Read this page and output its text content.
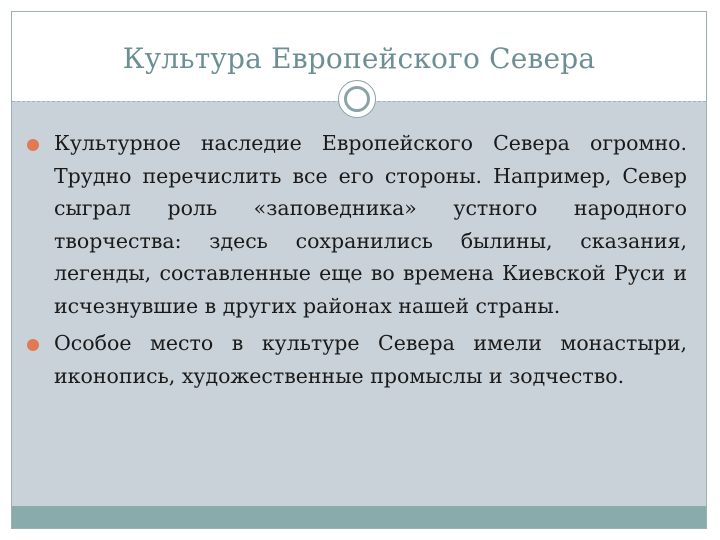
Культура Европейского Севера
Культурное наследие Европейского Севера огромно. Трудно перечислить все его стороны. Например, Север сыграл роль «заповедника» устного народного творчества: здесь сохранились былины, сказания, легенды, составленные еще во времена Киевской Руси и исчезнувшие в других районах нашей страны.
Особое место в культуре Севера имели монастыри, иконопись, художественные промыслы и зодчество.
